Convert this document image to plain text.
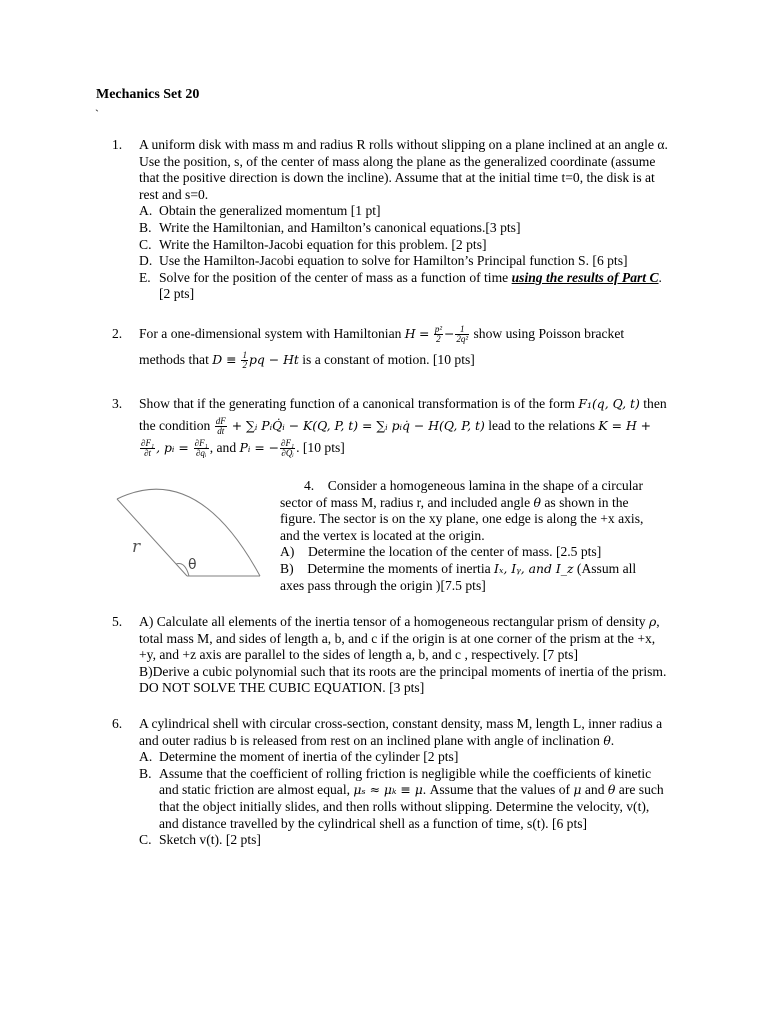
Mechanics Set 20
`
1.	A uniform disk with mass m and radius R rolls without slipping on a plane inclined at an angle α. Use the position, s, of the center of mass along the plane as the generalized coordinate (assume that the positive direction is down the incline). Assume that at the initial time t=0, the disk is at rest and s=0.
A. Obtain the generalized momentum [1 pt]
B. Write the Hamiltonian, and Hamilton’s canonical equations.[3 pts]
C. Write the Hamilton-Jacobi equation for this problem. [2 pts]
D. Use the Hamilton-Jacobi equation to solve for Hamilton’s Principal function S. [6 pts]
E. Solve for the position of the center of mass as a function of time using the results of Part C. [2 pts]
2.	For a one-dimensional system with Hamiltonian $H = \frac{\text{p²}}{2} - \frac{1}{\text{2q²}}$ show using Poisson bracket methods that $D \equiv \frac{1}{2}$ pq − Ht is a constant of motion. [10 pts]
3.	Show that if the generating function of a canonical transformation is of the form F₁(q, Q, t) then the condition $\frac{dF}{dt}$ + ∑ᵢ PᵢQ̇ᵢ − K(Q, P, t) = ∑ᵢ pᵢq̇ − H(Q, P, t) lead to the relations K = H +
$\frac{\text{∂F₁}}{\partial t}$ , pᵢ = $\frac{\text{∂F₁}}{\text{∂qᵢ}}$ , and Pᵢ = − $\frac{\text{∂F₁}}{\text{∂Qᵢ}}$ . [10 pts]
r
θ

4. Consider a homogeneous lamina in the shape of a circular sector of mass M, radius r, and included angle θ as shown in the figure. The sector is on the xy plane, one edge is along the +x axis, and the vertex is located at the origin.

A) Determine the location of the center of mass. [2.5 pts]

B) Determine the moments of inertia Iₓ, Iᵧ, and I_z (Assum all axes pass through the origin )[7.5 pts]

5.	A) Calculate all elements of the inertia tensor of a homogeneous rectangular prism of density ρ, total mass M, and sides of length a, b, and c if the origin is at one corner of the prism at the +x, +y, and +z axis are parallel to the sides of length a, b, and c , respectively. [7 pts]
B)Derive a cubic polynomial such that its roots are the principal moments of inertia of the prism. DO NOT SOLVE THE CUBIC EQUATION. [3 pts]
6.	A cylindrical shell with circular cross-section, constant density, mass M, length L, inner radius a and outer radius b is released from rest on an inclined plane with angle of inclination θ.
A. Determine the moment of inertia of the cylinder [2 pts]
B. Assume that the coefficient of rolling friction is negligible while the coefficients of kinetic and static friction are almost equal, μₛ ≈ μₖ ≡ μ. Assume that the values of μ and θ are such that the object initially slides, and then rolls without slipping. Determine the velocity, v(t), and distance travelled by the cylindrical shell as a function of time, s(t). [6 pts]
C. Sketch v(t). [2 pts]
